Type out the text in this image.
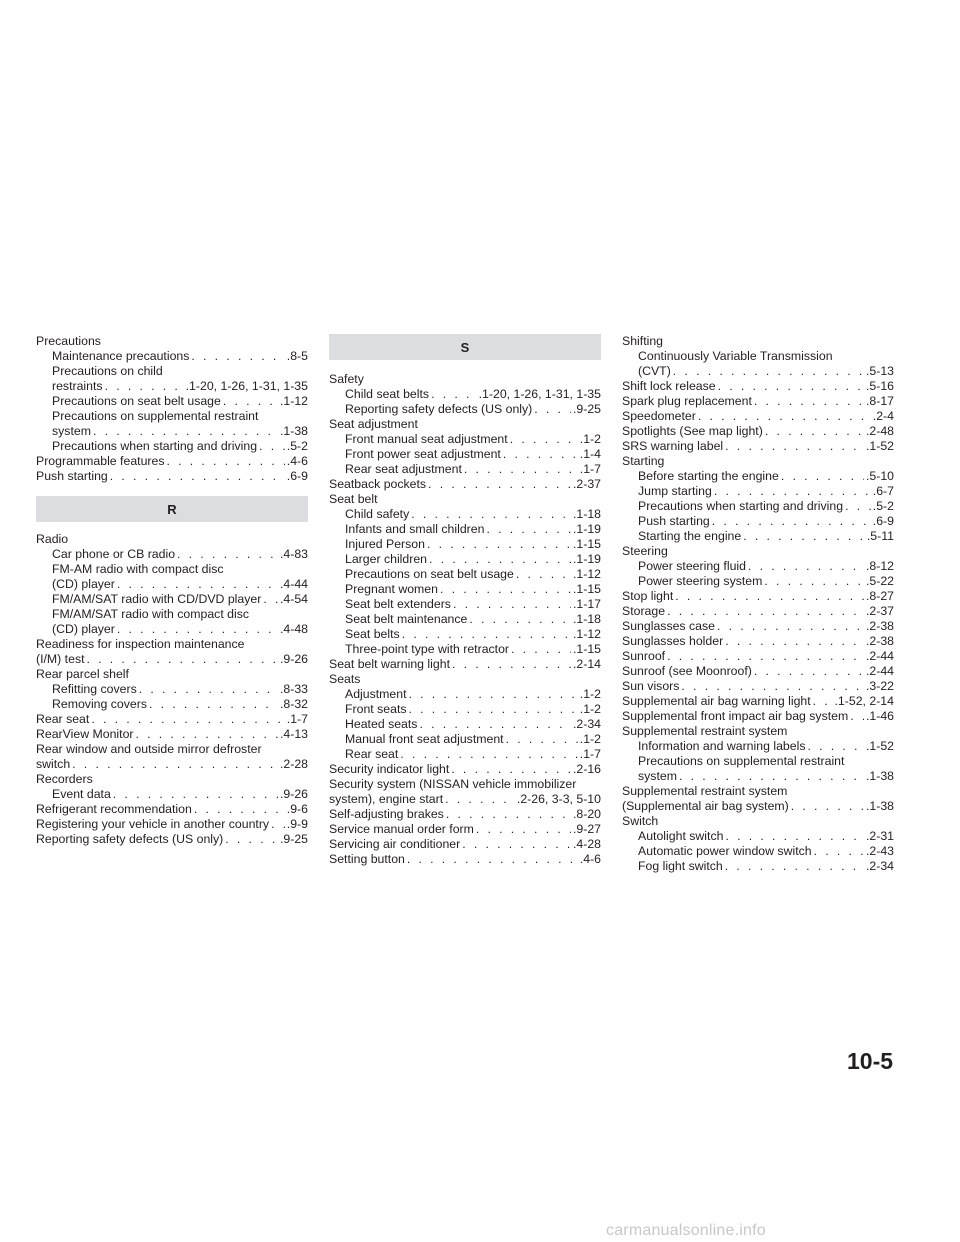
Precautions
Maintenance precautions . . .	.8-5
Precautions on child
restraints . . .	.1-20, 1-26, 1-31, 1-35
Precautions on seat belt usage . . .	.1-12
Precautions on supplemental restraint
system . . .	.1-38
Precautions when starting and driving . . . .5-2
Programmable features . . .	.4-6
Push starting . . .	.6-9
R
Radio
Car phone or CB radio . . .	.4-83
FM-AM radio with compact disc
(CD) player . . .	.4-44
FM/AM/SAT radio with CD/DVD player . . . .4-54
FM/AM/SAT radio with compact disc
(CD) player . . .	.4-48
Readiness for inspection maintenance
(I/M) test . . .	.9-26
Rear parcel shelf
Refitting covers . . .	.8-33
Removing covers . . .	.8-32
Rear seat . . .	.1-7
RearView Monitor . . .	.4-13
Rear window and outside mirror defroster
switch . . .	.2-28
Recorders
Event data . . .	.9-26
Refrigerant recommendation . . .	.9-6
Registering your vehicle in another country . . . .9-9
Reporting safety defects (US only) . . .	.9-25
S
Safety
Child seat belts . . .	.1-20, 1-26, 1-31, 1-35
Reporting safety defects (US only) . . .	.9-25
Seat adjustment
Front manual seat adjustment . . .	.1-2
Front power seat adjustment . . .	.1-4
Rear seat adjustment . . .	.1-7
Seatback pockets . . .	.2-37
Seat belt
Child safety . . .	.1-18
Infants and small children . . .	.1-19
Injured Person . . .	.1-15
Larger children . . .	.1-19
Precautions on seat belt usage . . .	.1-12
Pregnant women . . .	.1-15
Seat belt extenders . . .	.1-17
Seat belt maintenance . . .	.1-18
Seat belts . . .	.1-12
Three-point type with retractor . . .	.1-15
Seat belt warning light . . .	.2-14
Seats
Adjustment . . .	.1-2
Front seats . . .	.1-2
Heated seats . . .	.2-34
Manual front seat adjustment . . .	.1-2
Rear seat . . .	.1-7
Security indicator light . . .	.2-16
Security system (NISSAN vehicle immobilizer
system), engine start . . .	.2-26, 3-3, 5-10
Self-adjusting brakes . . .	.8-20
Service manual order form . . .	.9-27
Servicing air conditioner . . .	.4-28
Setting button . . .	.4-6
Shifting
Continuously Variable Transmission
(CVT) . . .	.5-13
Shift lock release . . .	.5-16
Spark plug replacement . . .	.8-17
Speedometer . . .	.2-4
Spotlights (See map light) . . .	.2-48
SRS warning label . . .	.1-52
Starting
Before starting the engine . . .	.5-10
Jump starting . . .	.6-7
Precautions when starting and driving . . . .5-2
Push starting . . .	.6-9
Starting the engine . . .	.5-11
Steering
Power steering fluid . . .	.8-12
Power steering system . . .	.5-22
Stop light . . .	.8-27
Storage . . .	.2-37
Sunglasses case . . .	.2-38
Sunglasses holder . . .	.2-38
Sunroof . . .	.2-44
Sunroof (see Moonroof) . . .	.2-44
Sun visors . . .	.3-22
Supplemental air bag warning light . . . .1-52, 2-14
Supplemental front impact air bag system . . . .1-46
Supplemental restraint system
Information and warning labels . . .	.1-52
Precautions on supplemental restraint
system . . .	.1-38
Supplemental restraint system
(Supplemental air bag system) . . .	.1-38
Switch
Autolight switch . . .	.2-31
Automatic power window switch . . .	.2-43
Fog light switch . . .	.2-34
10-5
carmanualsonline.info
